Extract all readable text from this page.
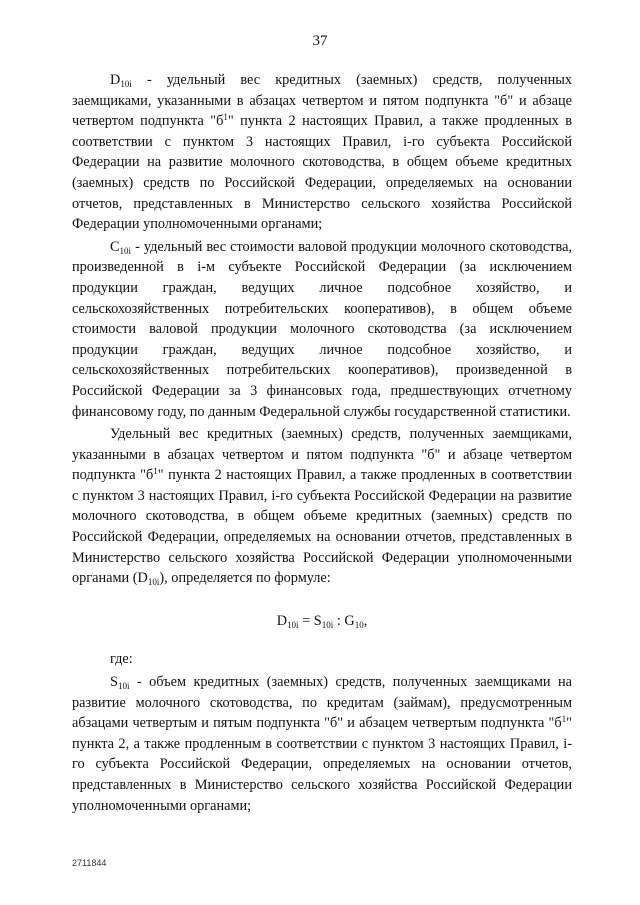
37

$D_{10i}$ - удельный вес кредитных (заемных) средств, полученных заемщиками, указанными в абзацах четвертом и пятом подпункта "б" и абзаце четвертом подпункта "$б^1$" пункта 2 настоящих Правил, а также продленных в соответствии с пунктом 3 настоящих Правил, i-го субъекта Российской Федерации на развитие молочного скотоводства, в общем объеме кредитных (заемных) средств по Российской Федерации, определяемых на основании отчетов, представленных в Министерство сельского хозяйства Российской Федерации уполномоченными органами;

$C_{10i}$ - удельный вес стоимости валовой продукции молочного скотоводства, произведенной в i-м субъекте Российской Федерации (за исключением продукции граждан, ведущих личное подсобное хозяйство, и сельскохозяйственных потребительских кооперативов), в общем объеме стоимости валовой продукции молочного скотоводства (за исключением продукции граждан, ведущих личное подсобное хозяйство, и сельскохозяйственных потребительских кооперативов), произведенной в Российской Федерации за 3 финансовых года, предшествующих отчетному финансовому году, по данным Федеральной службы государственной статистики.

Удельный вес кредитных (заемных) средств, полученных заемщиками, указанными в абзацах четвертом и пятом подпункта "б" и абзаце четвертом подпункта "$б^1$" пункта 2 настоящих Правил, а также продленных в соответствии с пунктом 3 настоящих Правил, i-го субъекта Российской Федерации на развитие молочного скотоводства, в общем объеме кредитных (заемных) средств по Российской Федерации, определяемых на основании отчетов, представленных в Министерство сельского хозяйства Российской Федерации уполномоченными органами $(D_{10i})$, определяется по формуле:

$D_{10i} = S_{10i}$ : $G_{10}$,

где:

$S_{10i}$ - объем кредитных (заемных) средств, полученных заемщиками на развитие молочного скотоводства, по кредитам (займам), предусмотренным абзацами четвертым и пятым подпункта "б" и абзацем четвертым подпункта "$б^1$" пункта 2, а также продленным в соответствии с пунктом 3 настоящих Правил, i-го субъекта Российской Федерации, определяемых на основании отчетов, представленных в Министерство сельского хозяйства Российской Федерации уполномоченными органами;

2711844
